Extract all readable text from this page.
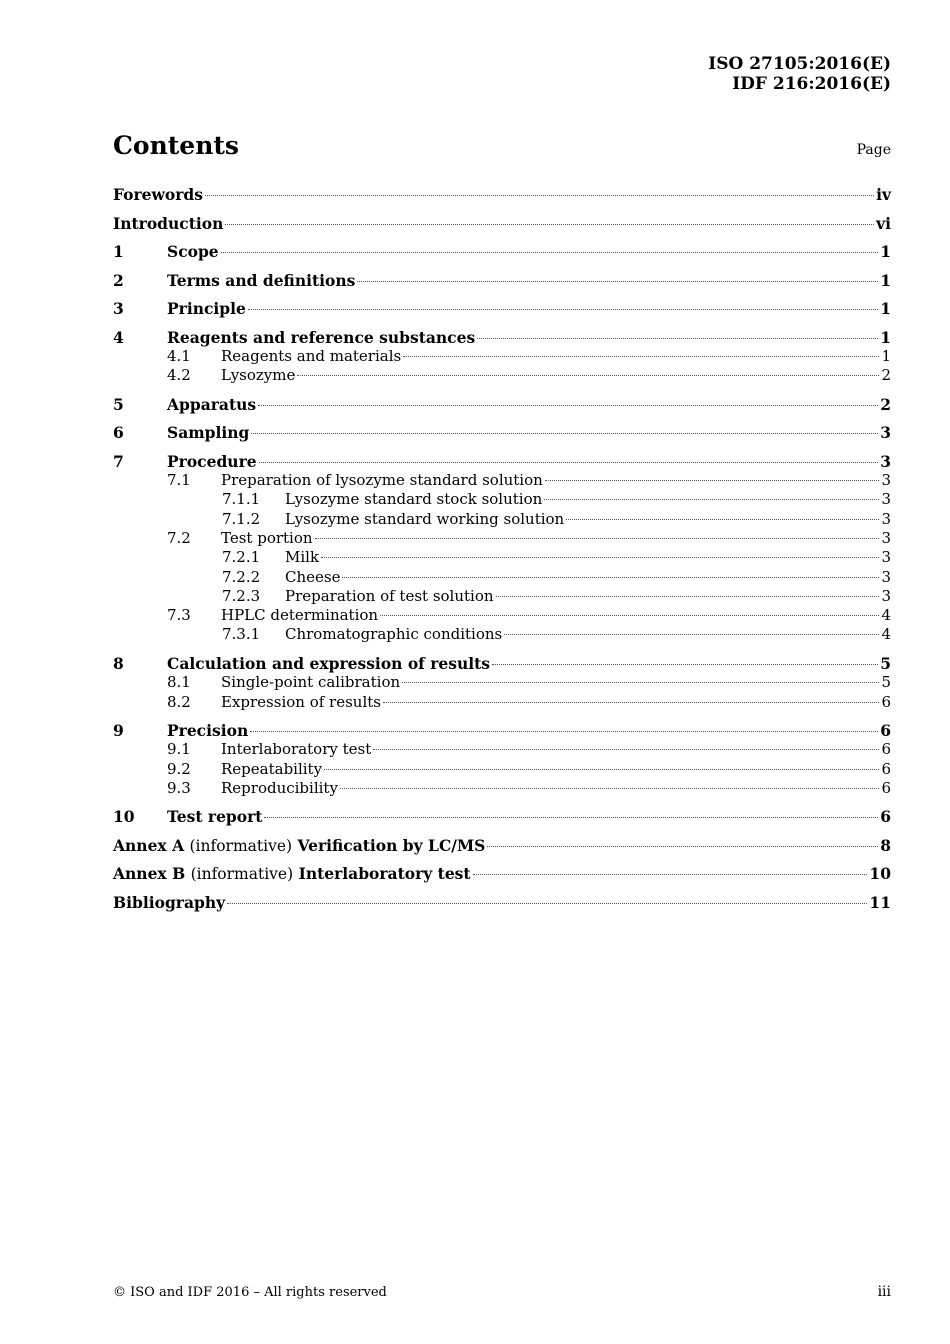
ISO 27105:2016(E)
IDF 216:2016(E)
Contents	Page
Forewords	iv
Introduction	vi
1	Scope	1
2	Terms and definitions	1
3	Principle	1
4	Reagents and reference substances	1
4.1	Reagents and materials	1
4.2	Lysozyme	2
5	Apparatus	2
6	Sampling	3
7	Procedure	3
7.1	Preparation of lysozyme standard solution	3
7.1.1	Lysozyme standard stock solution	3
7.1.2	Lysozyme standard working solution	3
7.2	Test portion	3
7.2.1	Milk	3
7.2.2	Cheese	3
7.2.3	Preparation of test solution	3
7.3	HPLC determination	4
7.3.1	Chromatographic conditions	4
8	Calculation and expression of results	5
8.1	Single-point calibration	5
8.2	Expression of results	6
9	Precision	6
9.1	Interlaboratory test	6
9.2	Repeatability	6
9.3	Reproducibility	6
10	Test report	6
Annex A (informative) Verification by LC/MS	8
Annex B (informative) Interlaboratory test	10
Bibliography	11
© ISO and IDF 2016 – All rights reserved	iii
